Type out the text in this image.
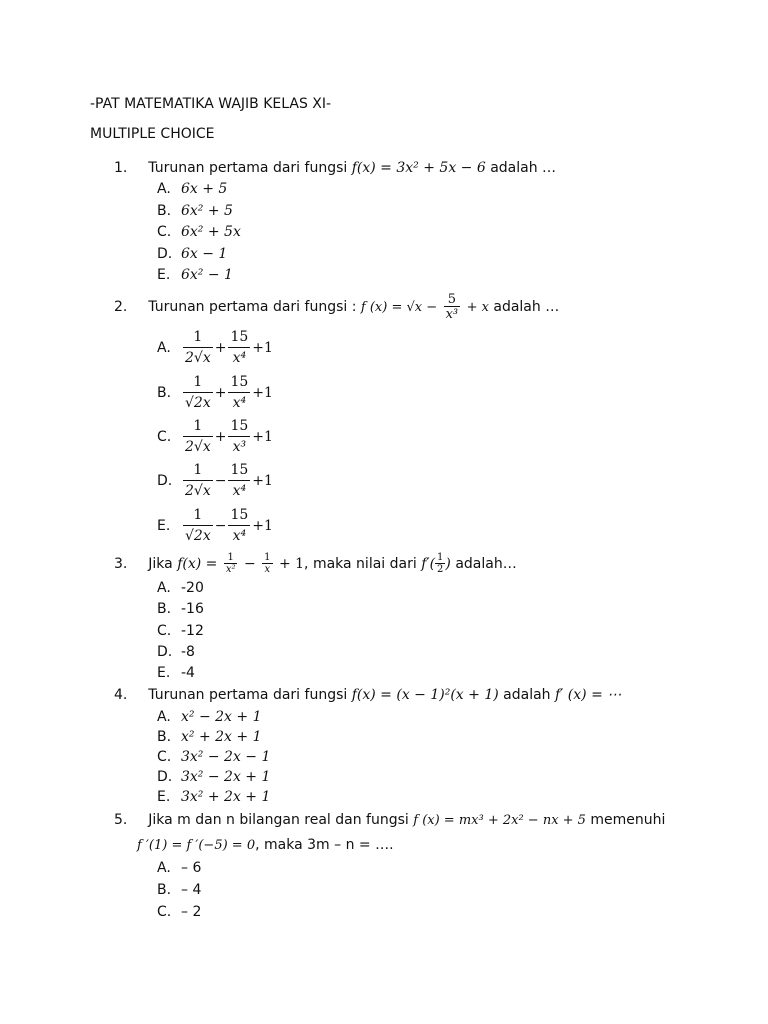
-PAT MATEMATIKA WAJIB KELAS XI-
MULTIPLE CHOICE
1. Turunan pertama dari fungsi f(x) = 3x² + 5x − 6 adalah …
A. 6x + 5
B. 6x² + 5
C. 6x² + 5x
D. 6x − 1
E. 6x² − 1
2. Turunan pertama dari fungsi : f $(x) = √x - \frac{5}{\text{x³}} + x$ adalah …
A. $\frac{1}{2√x} + \frac{15}{\text{x⁴}} +1$
B. $\frac{1}{√2x} + \frac{15}{\text{x⁴}} +1$
C. $\frac{1}{2√x} + \frac{15}{\text{x³}} +1$
D. $\frac{1}{2√x} - \frac{15}{\text{x⁴}} +1$
E. $\frac{1}{√2x} - \frac{15}{\text{x⁴}} +1$
3. Jika $f(x) = \frac{1}{\text{x²}} - \frac{1}{x} + 1$, maka nilai dari $f'( \frac{1}{2}$ ) adalah…
A. -20
B. -16
C. -12
D. -8
E. -4
4. Turunan pertama dari fungsi f(x) = (x − 1)²(x + 1) adalah f′ (x) = ⋯
A. x² − 2x + 1
B. x² + 2x + 1
C. 3x² − 2x − 1
D. 3x² − 2x + 1
E. 3x² + 2x + 1
5. Jika m dan n bilangan real dan fungsi f (x) = mx³ + 2x² − nx + 5 memenuhi
f ′(1) = f ′(−5) = 0, maka 3m – n = ….
A. – 6
B. – 4
C. – 2
